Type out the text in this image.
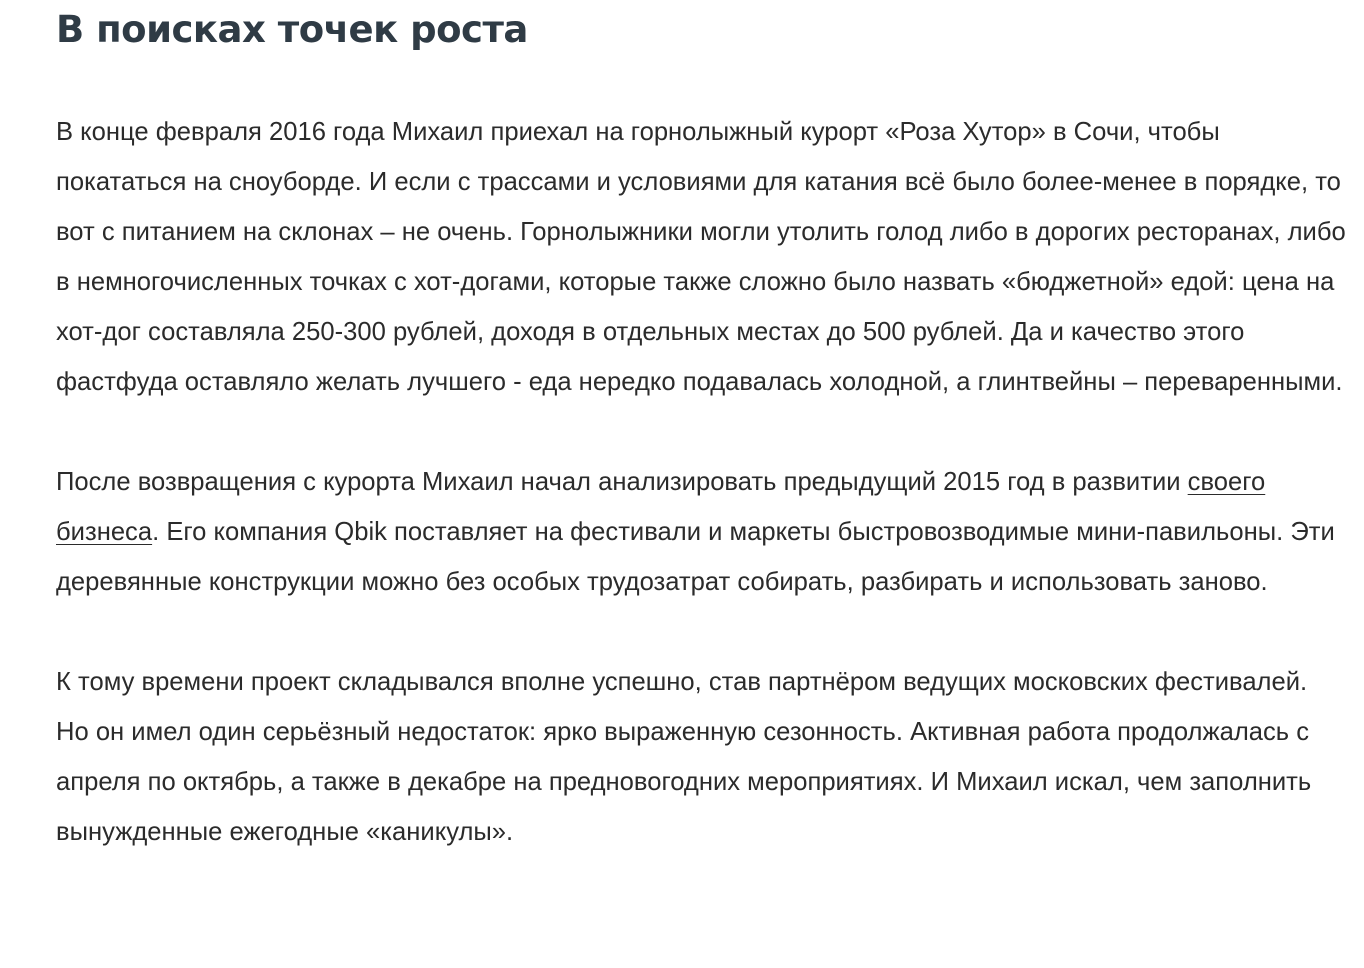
В поисках точек роста

В конце февраля 2016 года Михаил приехал на горнолыжный курорт «Роза Хутор» в Сочи, чтобы покататься на сноуборде. И если с трассами и условиями для катания всё было более-менее в порядке, то вот с питанием на склонах – не очень. Горнолыжники могли утолить голод либо в дорогих ресторанах, либо в немногочисленных точках с хот-догами, которые также сложно было назвать «бюджетной» едой: цена на хот-дог составляла 250-300 рублей, доходя в отдельных местах до 500 рублей. Да и качество этого фастфуда оставляло желать лучшего - еда нередко подавалась холодной, а глинтвейны – переваренными.

После возвращения с курорта Михаил начал анализировать предыдущий 2015 год в развитии своего бизнеса. Его компания Qbik поставляет на фестивали и маркеты быстровозводимые мини-павильоны. Эти деревянные конструкции можно без особых трудозатрат собирать, разбирать и использовать заново.

К тому времени проект складывался вполне успешно, став партнёром ведущих московских фестивалей. Но он имел один серьёзный недостаток: ярко выраженную сезонность. Активная работа продолжалась с апреля по октябрь, а также в декабре на предновогодних мероприятиях. И Михаил искал, чем заполнить вынужденные ежегодные «каникулы».
